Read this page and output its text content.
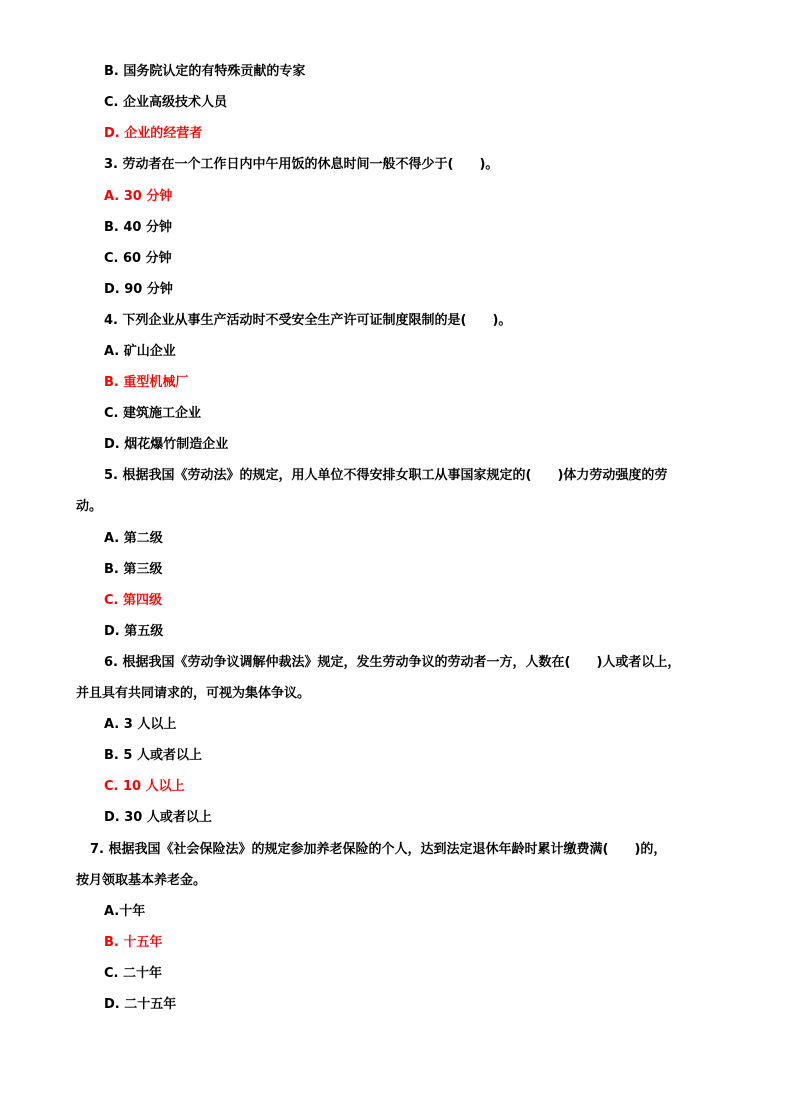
B. 国务院认定的有特殊贡献的专家
C. 企业高级技术人员
D. 企业的经营者
3. 劳动者在一个工作日内中午用饭的休息时间一般不得少于(　　)。
A. 30 分钟
B. 40 分钟
C. 60 分钟
D. 90 分钟
4. 下列企业从事生产活动时不受安全生产许可证制度限制的是(　　)。
A. 矿山企业
B. 重型机械厂
C. 建筑施工企业
D. 烟花爆竹制造企业
5. 根据我国《劳动法》的规定，用人单位不得安排女职工从事国家规定的(　　)体力劳动强度的劳
动。
A. 第二级
B. 第三级
C. 第四级
D. 第五级
6. 根据我国《劳动争议调解仲裁法》规定，发生劳动争议的劳动者一方，人数在(　　)人或者以上，
并且具有共同请求的，可视为集体争议。
A. 3 人以上
B. 5 人或者以上
C. 10 人以上
D. 30 人或者以上
7. 根据我国《社会保险法》的规定参加养老保险的个人，达到法定退休年龄时累计缴费满(　　)的，
按月领取基本养老金。
A.十年
B. 十五年
C. 二十年
D. 二十五年
